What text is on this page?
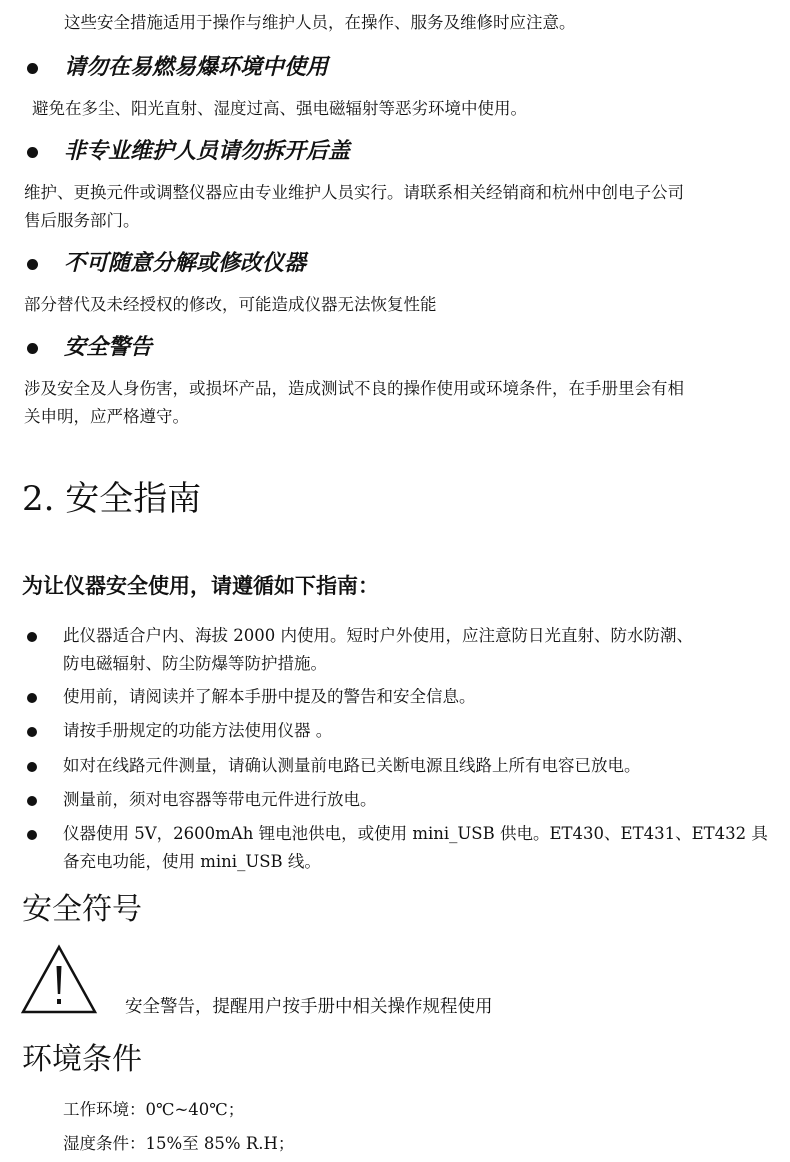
这些安全措施适用于操作与维护人员，在操作、服务及维修时应注意。
请勿在易燃易爆环境中使用
避免在多尘、阳光直射、湿度过高、强电磁辐射等恶劣环境中使用。
非专业维护人员请勿拆开后盖
维护、更换元件或调整仪器应由专业维护人员实行。请联系相关经销商和杭州中创电子公司
售后服务部门。
不可随意分解或修改仪器
部分替代及未经授权的修改，可能造成仪器无法恢复性能
安全警告
涉及安全及人身伤害，或损坏产品，造成测试不良的操作使用或环境条件，在手册里会有相
关申明，应严格遵守。
2. 安全指南
为让仪器安全使用，请遵循如下指南：
此仪器适合户内、海拔 2000 内使用。短时户外使用，应注意防日光直射、防水防潮、
防电磁辐射、防尘防爆等防护措施。
使用前，请阅读并了解本手册中提及的警告和安全信息。
请按手册规定的功能方法使用仪器 。
如对在线路元件测量，请确认测量前电路已关断电源且线路上所有电容已放电。
测量前，须对电容器等带电元件进行放电。
仪器使用 5V，2600mAh 锂电池供电，或使用 mini_USB 供电。ET430、ET431、ET432 具
备充电功能，使用 mini_USB 线。
安全符号
安全警告，提醒用户按手册中相关操作规程使用
环境条件
工作环境：0℃~40℃；
湿度条件：15%至 85% R.H；
